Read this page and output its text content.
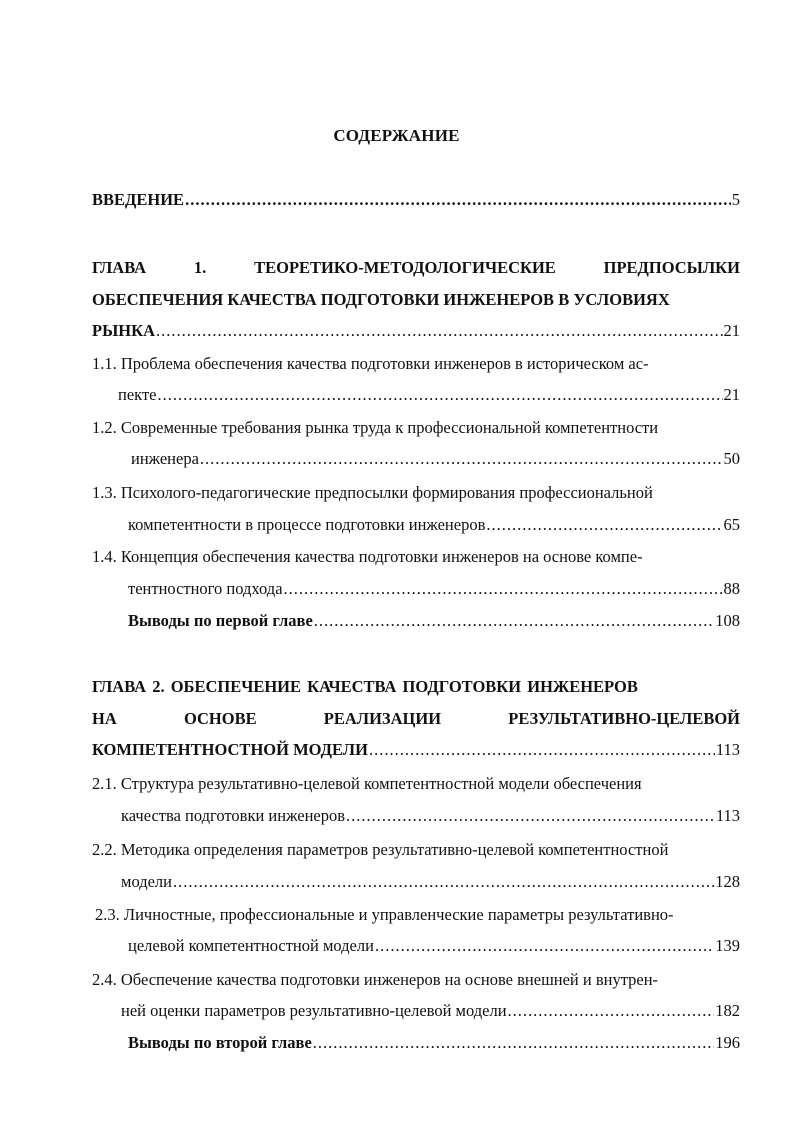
СОДЕРЖАНИЕ
ВВЕДЕНИЕ .....	5
ГЛАВА	1.	ТЕОРЕТИКО-МЕТОДОЛОГИЧЕСКИЕ	ПРЕДПОСЫЛКИ
ОБЕСПЕЧЕНИЯ КАЧЕСТВА ПОДГОТОВКИ ИНЖЕНЕРОВ В УСЛОВИЯХ
РЫНКА .....	21
1.1. Проблема обеспечения качества подготовки инженеров в историческом ас-
пекте .....	21
1.2. Современные требования рынка труда к профессиональной компетентности
инженера .....	50
1.3. Психолого-педагогические предпосылки формирования профессиональной
компетентности в процессе подготовки инженеров .....	65
1.4. Концепция обеспечения качества подготовки инженеров на основе компе-
тентностного подхода .....	88
Выводы по первой главе .....	108
ГЛАВА 2. ОБЕСПЕЧЕНИЕ КАЧЕСТВА ПОДГОТОВКИ ИНЖЕНЕРОВ
НА	ОСНОВЕ	РЕАЛИЗАЦИИ	РЕЗУЛЬТАТИВНО-ЦЕЛЕВОЙ
КОМПЕТЕНТНОСТНОЙ МОДЕЛИ .....	113
2.1. Структура результативно-целевой компетентностной модели обеспечения
качества подготовки инженеров .....	113
2.2. Методика определения параметров результативно-целевой компетентностной
модели .....	128
2.3. Личностные, профессиональные и управленческие параметры результативно-
целевой компетентностной модели .....	139
2.4. Обеспечение качества подготовки инженеров на основе внешней и внутрен-
ней оценки параметров результативно-целевой модели .....	182
Выводы по второй главе .....	196
